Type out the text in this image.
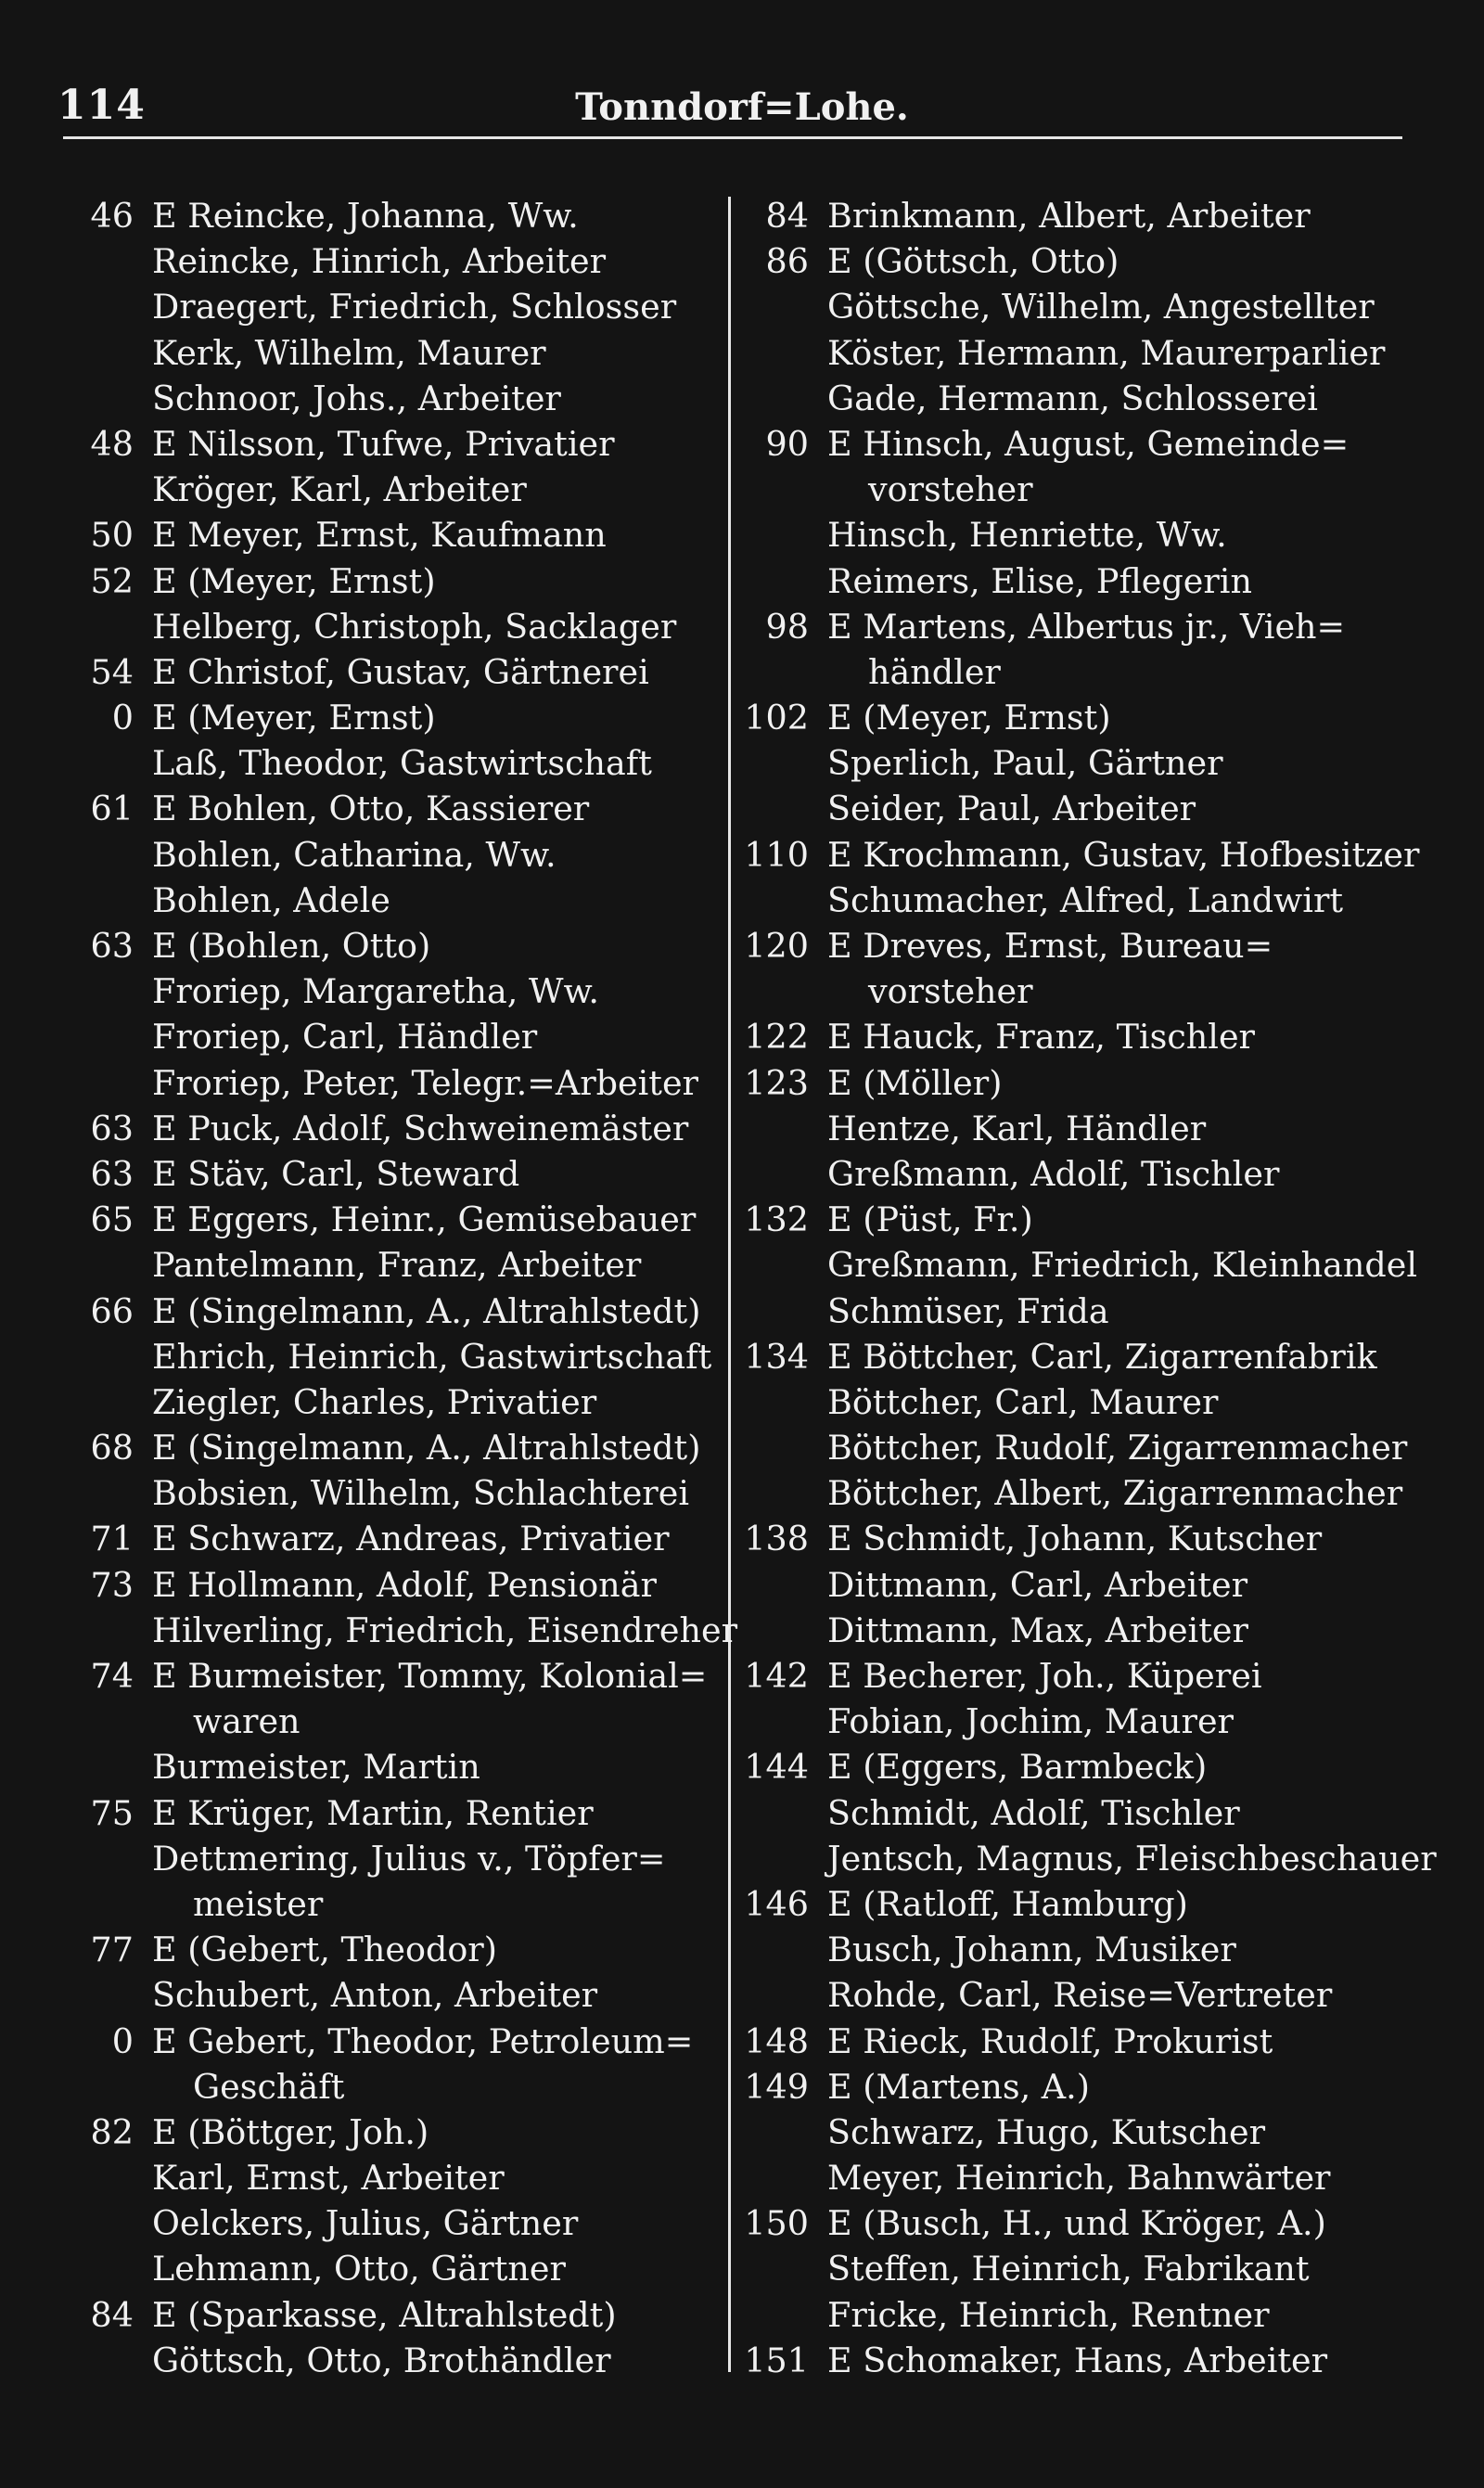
114	Tonndorf=Lohe.
46 E Reincke, Johanna, Ww.
Reincke, Hinrich, Arbeiter
Draegert, Friedrich, Schlosser
Kerk, Wilhelm, Maurer
Schnoor, Johs., Arbeiter
48 E Nilsson, Tufwe, Privatier
Kröger, Karl, Arbeiter
50 E Meyer, Ernst, Kaufmann
52 E (Meyer, Ernst)
Helberg, Christoph, Sacklager
54 E Christof, Gustav, Gärtnerei
0 E (Meyer, Ernst)
Laß, Theodor, Gastwirtschaft
61 E Bohlen, Otto, Kassierer
Bohlen, Catharina, Ww.
Bohlen, Adele
63 E (Bohlen, Otto)
Froriep, Margaretha, Ww.
Froriep, Carl, Händler
Froriep, Peter, Telegr.=Arbeiter
63 E Puck, Adolf, Schweinemäster
63 E Stäv, Carl, Steward
65 E Eggers, Heinr., Gemüsebauer
Pantelmann, Franz, Arbeiter
66 E (Singelmann, A., Altrahlstedt)
Ehrich, Heinrich, Gastwirtschaft
Ziegler, Charles, Privatier
68 E (Singelmann, A., Altrahlstedt)
Bobsien, Wilhelm, Schlachterei
71 E Schwarz, Andreas, Privatier
73 E Hollmann, Adolf, Pensionär
Hilverling, Friedrich, Eisendreher
74 E Burmeister, Tommy, Kolonial=
waren
Burmeister, Martin
75 E Krüger, Martin, Rentier
Dettmering, Julius v., Töpfer=
meister
77 E (Gebert, Theodor)
Schubert, Anton, Arbeiter
0 E Gebert, Theodor, Petroleum=
Geschäft
82 E (Böttger, Joh.)
Karl, Ernst, Arbeiter
Oelckers, Julius, Gärtner
Lehmann, Otto, Gärtner
84 E (Sparkasse, Altrahlstedt)
Göttsch, Otto, Brothändler
84 Brinkmann, Albert, Arbeiter
86 E (Göttsch, Otto)
Göttsche, Wilhelm, Angestellter
Köster, Hermann, Maurerparlier
Gade, Hermann, Schlosserei
90 E Hinsch, August, Gemeinde=
vorsteher
Hinsch, Henriette, Ww.
Reimers, Elise, Pflegerin
98 E Martens, Albertus jr., Vieh=
händler
102 E (Meyer, Ernst)
Sperlich, Paul, Gärtner
Seider, Paul, Arbeiter
110 E Krochmann, Gustav, Hofbesitzer
Schumacher, Alfred, Landwirt
120 E Dreves, Ernst, Bureau=
vorsteher
122 E Hauck, Franz, Tischler
123 E (Möller)
Hentze, Karl, Händler
Greßmann, Adolf, Tischler
132 E (Püst, Fr.)
Greßmann, Friedrich, Kleinhandel
Schmüser, Frida
134 E Böttcher, Carl, Zigarrenfabrik
Böttcher, Carl, Maurer
Böttcher, Rudolf, Zigarrenmacher
Böttcher, Albert, Zigarrenmacher
138 E Schmidt, Johann, Kutscher
Dittmann, Carl, Arbeiter
Dittmann, Max, Arbeiter
142 E Becherer, Joh., Küperei
Fobian, Jochim, Maurer
144 E (Eggers, Barmbeck)
Schmidt, Adolf, Tischler
Jentsch, Magnus, Fleischbeschauer
146 E (Ratloff, Hamburg)
Busch, Johann, Musiker
Rohde, Carl, Reise=Vertreter
148 E Rieck, Rudolf, Prokurist
149 E (Martens, A.)
Schwarz, Hugo, Kutscher
Meyer, Heinrich, Bahnwärter
150 E (Busch, H., und Kröger, A.)
Steffen, Heinrich, Fabrikant
Fricke, Heinrich, Rentner
151 E Schomaker, Hans, Arbeiter
